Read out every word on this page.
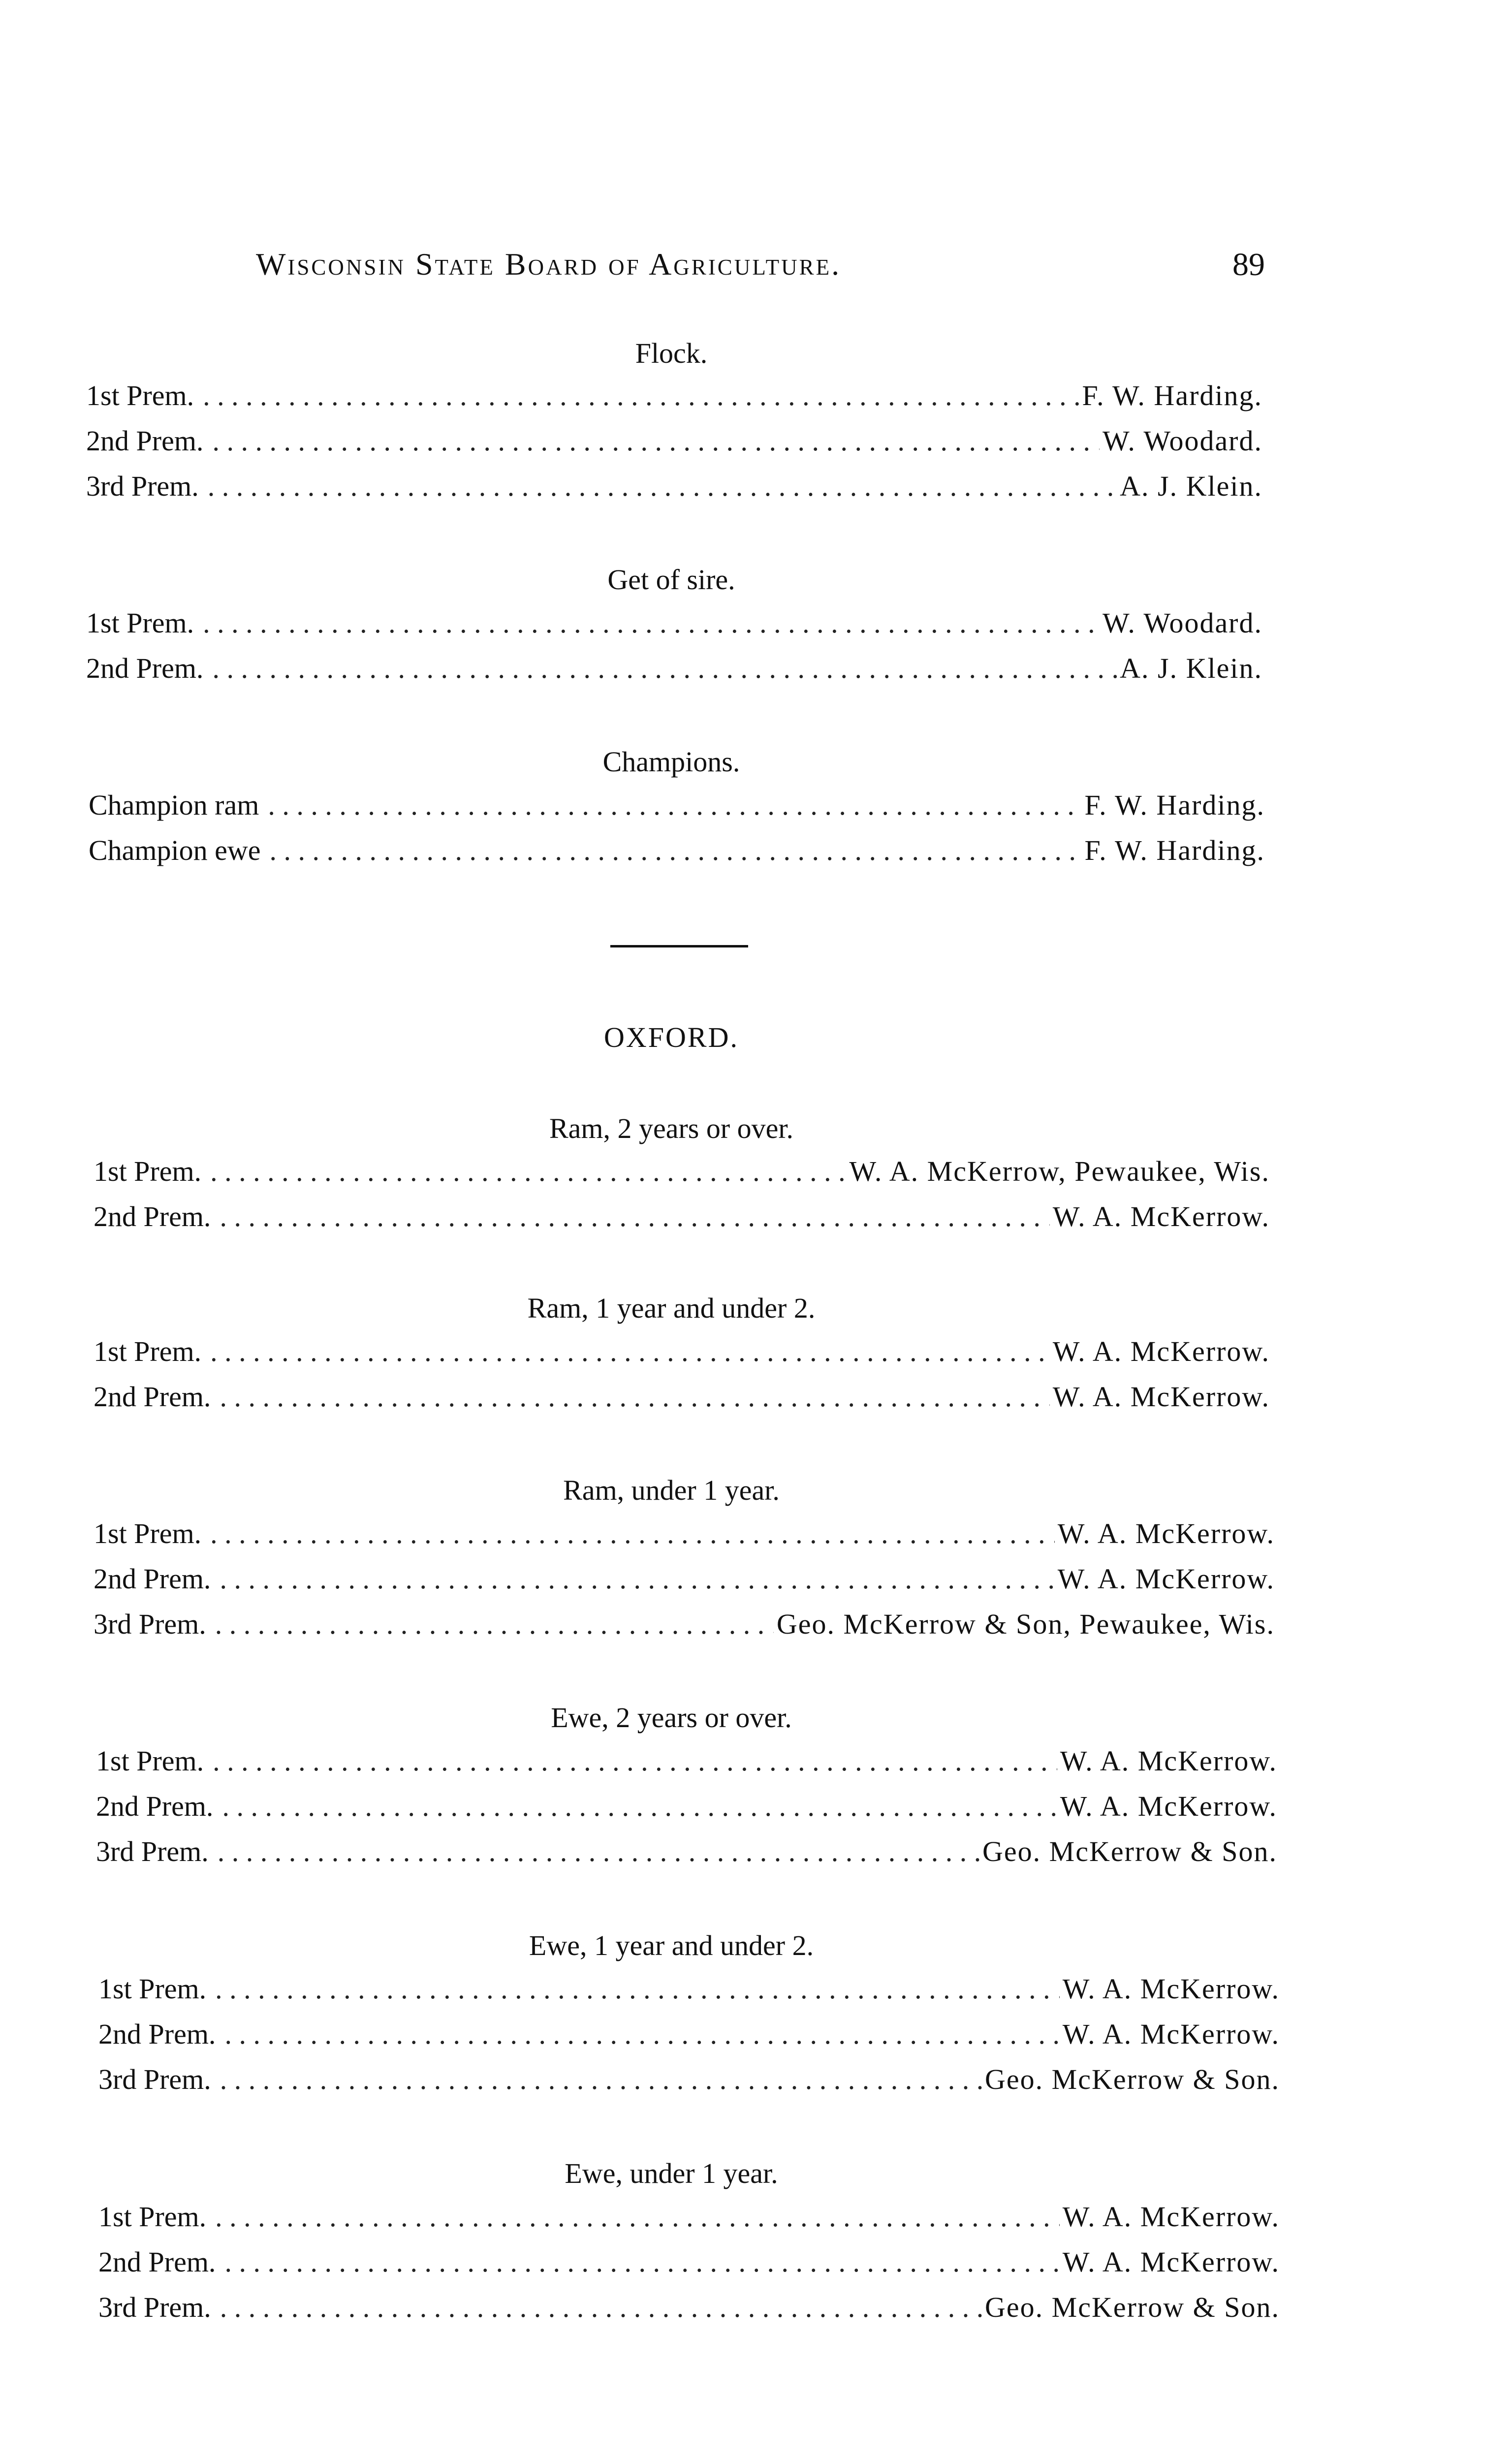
Wisconsin State Board of Agriculture.	89
Flock.
1st Prem. . . .	F. W. Harding.
2nd Prem. . . .	W. Woodard.
3rd Prem. . . .	A. J. Klein.
Get of sire.
1st Prem. . . .	W. Woodard.
2nd Prem. . . .	A. J. Klein.
Champions.
Champion ram . . .	F. W. Harding.
Champion ewe . . .	F. W. Harding.
OXFORD.
Ram, 2 years or over.
1st Prem. . . .	W. A. McKerrow, Pewaukee, Wis.
2nd Prem. . . .	W. A. McKerrow.
Ram, 1 year and under 2.
1st Prem. . . .	W. A. McKerrow.
2nd Prem. . . .	W. A. McKerrow.
Ram, under 1 year.
1st Prem. . . .	W. A. McKerrow.
2nd Prem. . . .	W. A. McKerrow.
3rd Prem. . . .	Geo. McKerrow & Son, Pewaukee, Wis.
Ewe, 2 years or over.
1st Prem. . . .	W. A. McKerrow.
2nd Prem. . . .	W. A. McKerrow.
3rd Prem. . . .	Geo. McKerrow & Son.
Ewe, 1 year and under 2.
1st Prem. . . .	W. A. McKerrow.
2nd Prem. . . .	W. A. McKerrow.
3rd Prem. . . .	Geo. McKerrow & Son.
Ewe, under 1 year.
1st Prem. . . .	W. A. McKerrow.
2nd Prem. . . .	W. A. McKerrow.
3rd Prem. . . .	Geo. McKerrow & Son.
